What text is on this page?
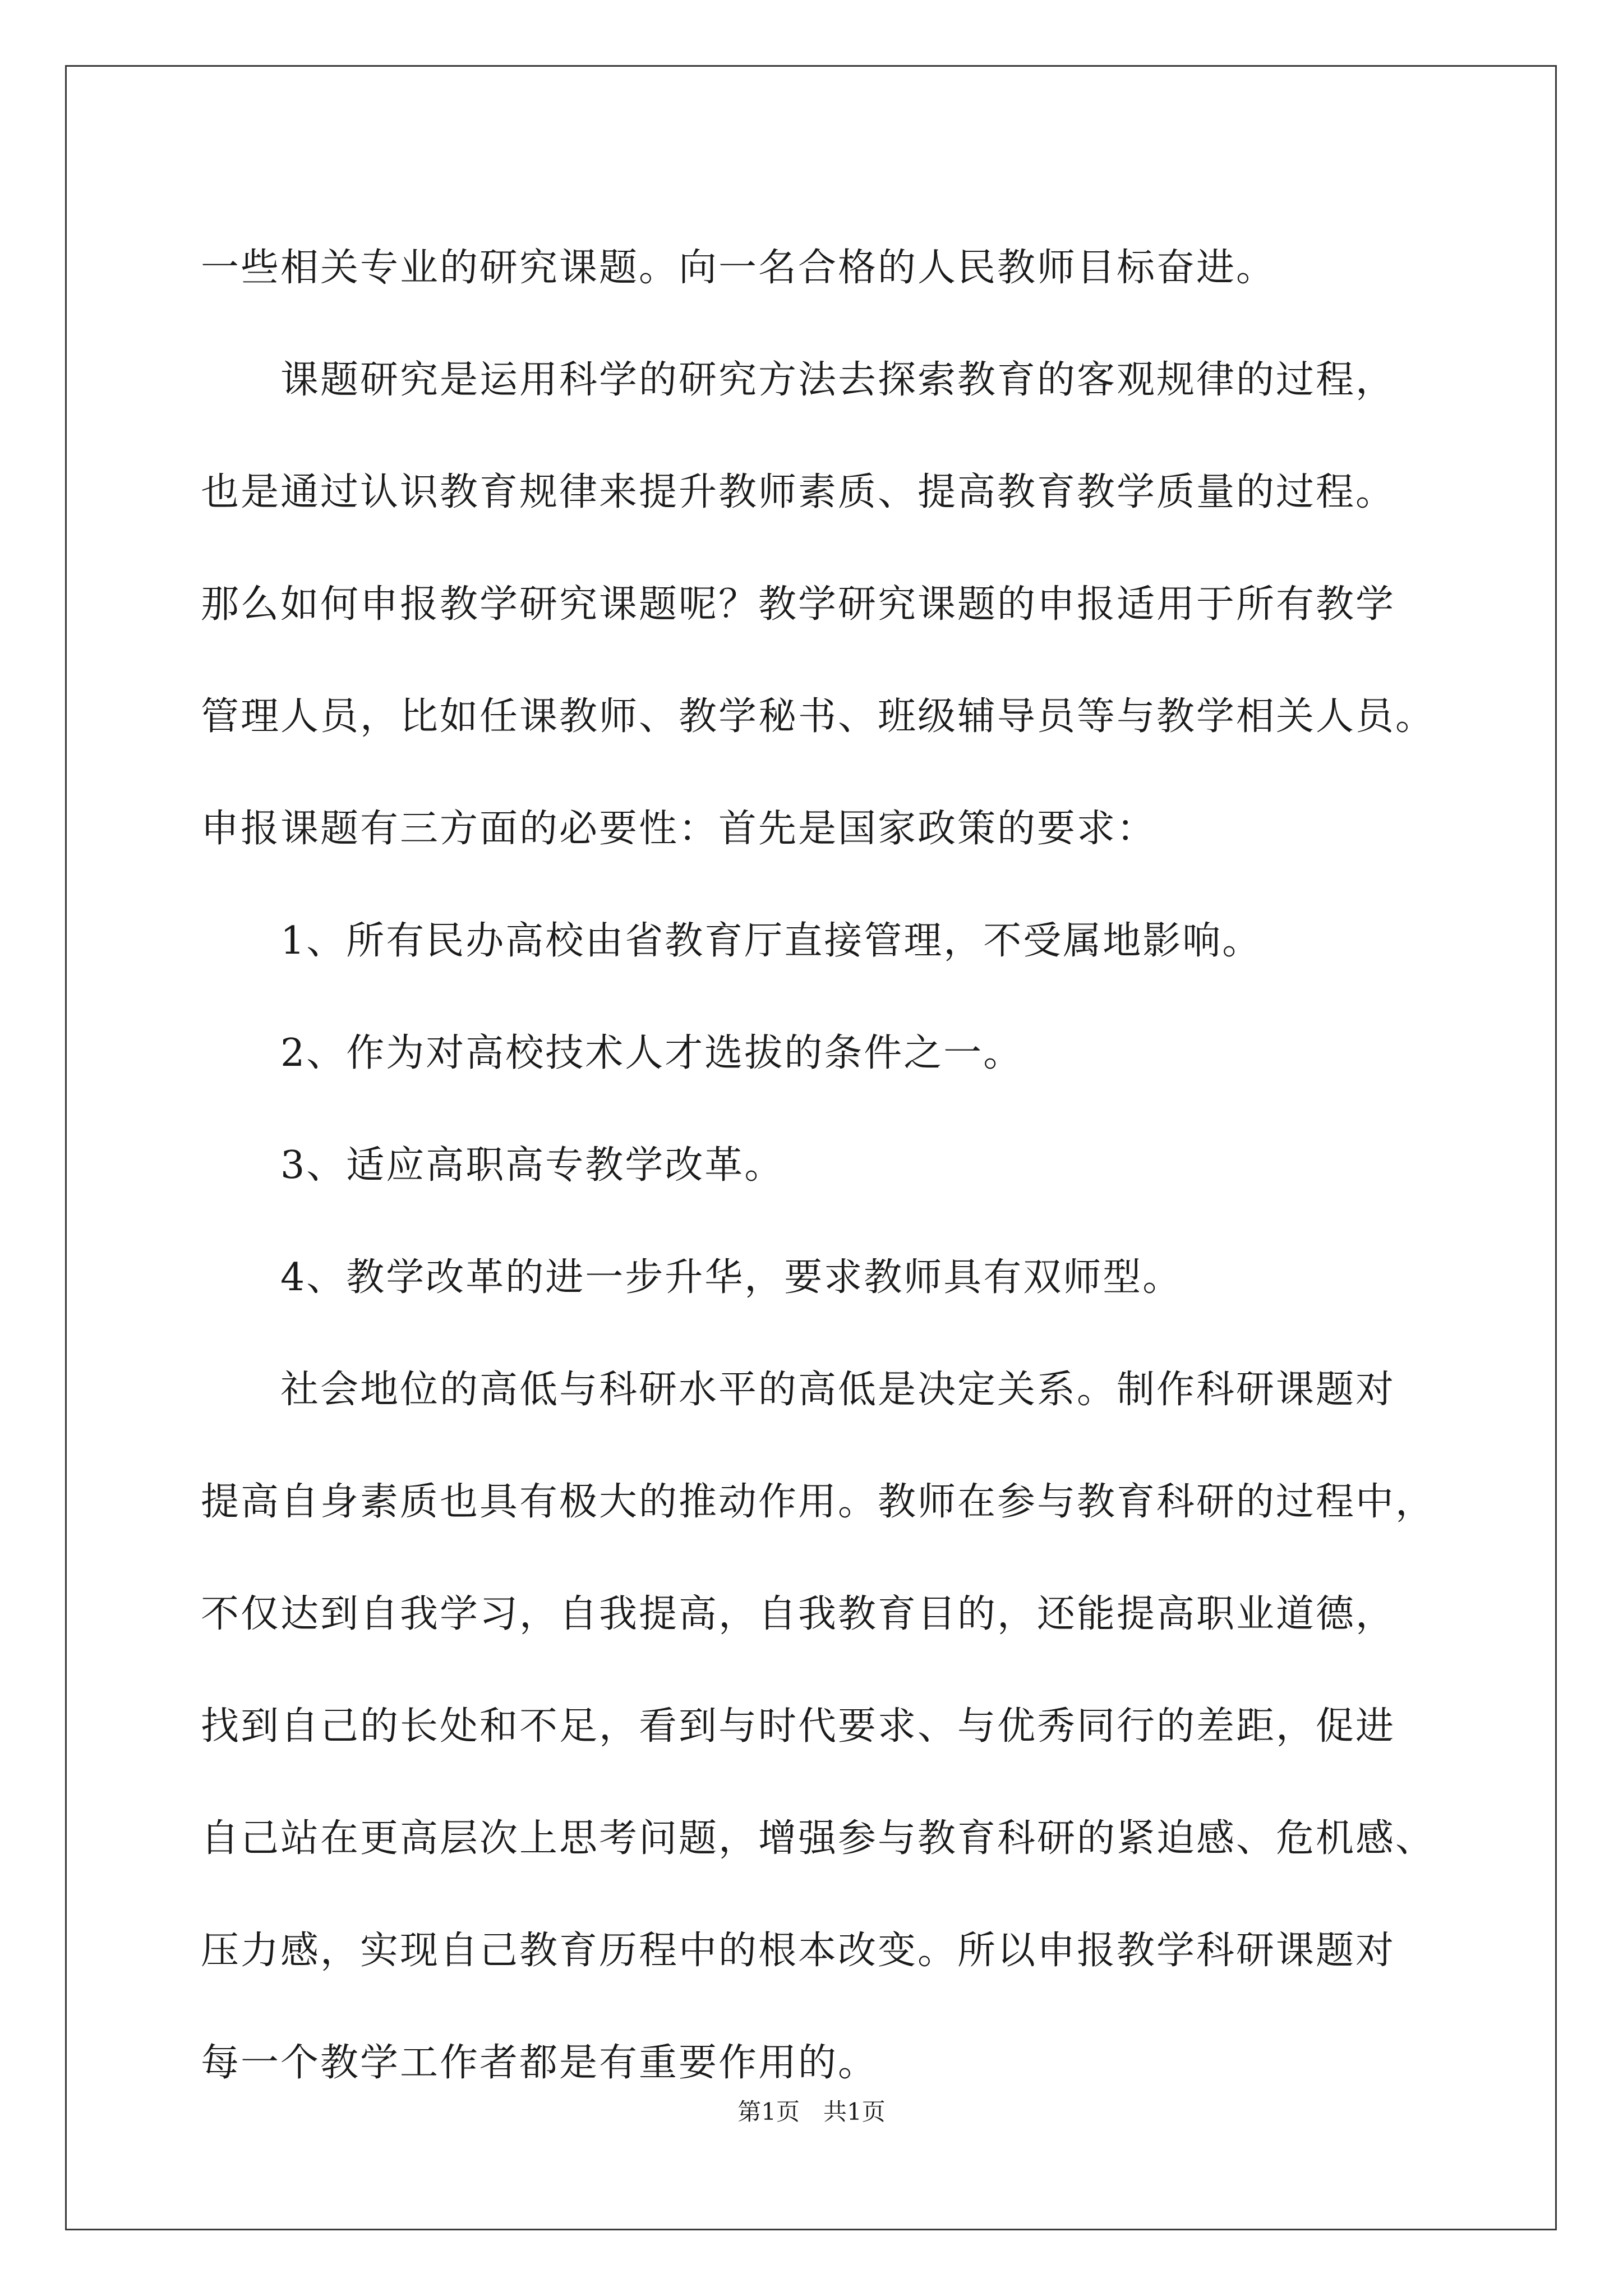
一些相关专业的研究课题。向一名合格的人民教师目标奋进。
　　课题研究是运用科学的研究方法去探索教育的客观规律的过程，
也是通过认识教育规律来提升教师素质、提高教育教学质量的过程。
那么如何申报教学研究课题呢？教学研究课题的申报适用于所有教学
管理人员，比如任课教师、教学秘书、班级辅导员等与教学相关人员。
申报课题有三方面的必要性：首先是国家政策的要求：
　　1、所有民办高校由省教育厅直接管理，不受属地影响。
　　2、作为对高校技术人才选拔的条件之一。
　　3、适应高职高专教学改革。
　　4、教学改革的进一步升华，要求教师具有双师型。
　　社会地位的高低与科研水平的高低是决定关系。制作科研课题对
提高自身素质也具有极大的推动作用。教师在参与教育科研的过程中，
不仅达到自我学习，自我提高，自我教育目的，还能提高职业道德，
找到自己的长处和不足，看到与时代要求、与优秀同行的差距，促进
自己站在更高层次上思考问题，增强参与教育科研的紧迫感、危机感、
压力感，实现自己教育历程中的根本改变。所以申报教学科研课题对
每一个教学工作者都是有重要作用的。
第1页　共1页
